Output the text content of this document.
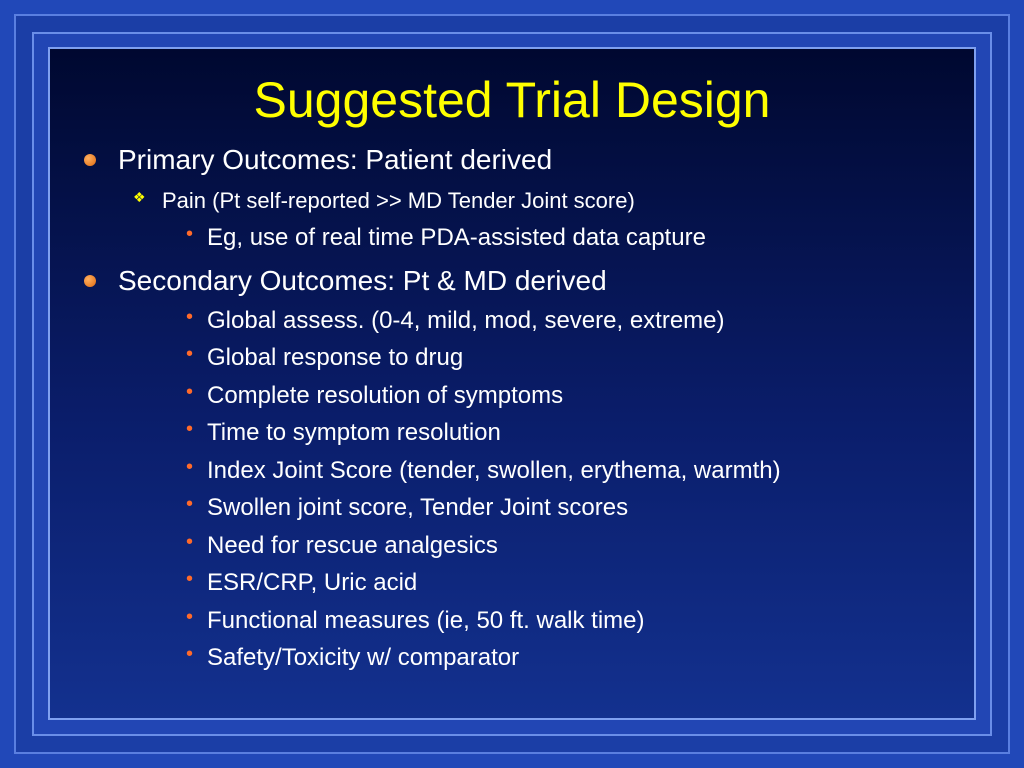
Suggested Trial Design
Primary Outcomes: Patient derived
❖ Pain (Pt self-reported >> MD Tender Joint score)
• Eg, use of real time PDA-assisted data capture
Secondary Outcomes: Pt & MD derived
• Global assess. (0-4, mild, mod, severe, extreme)
• Global response to drug
• Complete resolution of symptoms
• Time to symptom resolution
• Index Joint Score (tender, swollen, erythema, warmth)
• Swollen joint score, Tender Joint scores
• Need for rescue analgesics
• ESR/CRP, Uric acid
• Functional measures (ie, 50 ft. walk time)
• Safety/Toxicity w/ comparator
